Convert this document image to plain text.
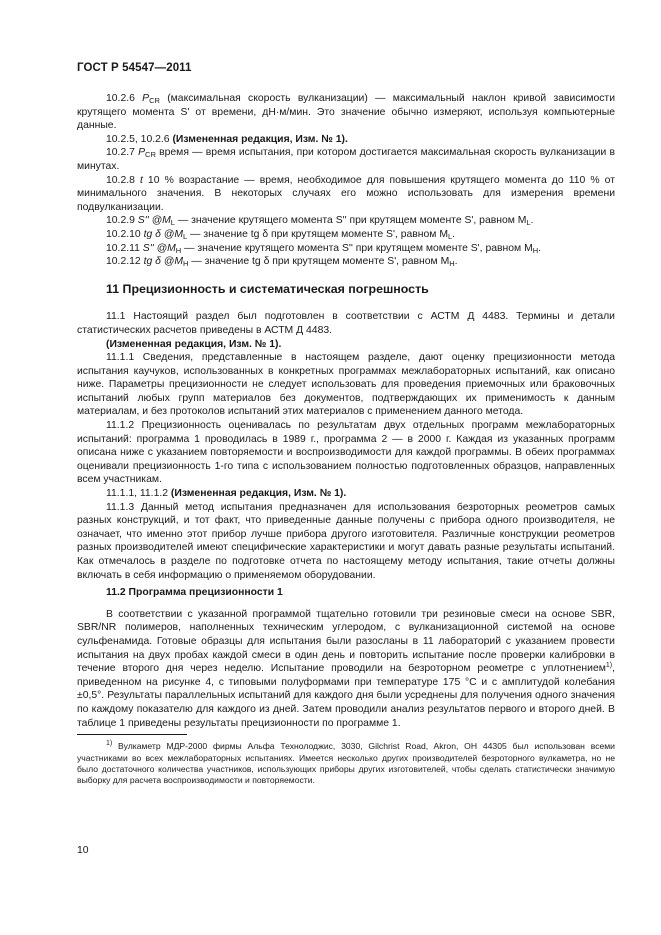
ГОСТ Р 54547—2011

10.2.6 $P_{CR}$ (максимальная скорость вулканизации) — максимальный наклон кривой зависимости крутящего момента S' от времени, дН·м/мин. Это значение обычно измеряют, используя компьютерные данные.

10.2.5, 10.2.6 (Измененная редакция, Изм. № 1).

10.2.7 $P_{CR}$ время — время испытания, при котором достигается максимальная скорость вулканизации в минутах.

10.2.8 t 10 % возрастание — время, необходимое для повышения крутящего момента до 110 % от минимального значения. В некоторых случаях его можно использовать для измерения времени подвулканизации.

10.2.9 S'' $@M_L$ — значение крутящего момента S'' при крутящем моменте S', равном $M_L$.

10.2.10 tg δ $@M_L$ — значение tg δ при крутящем моменте S', равном $M_L$.

10.2.11 S'' $@M_H$ — значение крутящего момента S'' при крутящем моменте S', равном $M_H$.

10.2.12 tg δ $@M_H$ — значение tg δ при крутящем моменте S', равном $M_H$.

11 Прецизионность и систематическая погрешность

11.1 Настоящий раздел был подготовлен в соответствии с АСТМ Д 4483. Термины и детали статистических расчетов приведены в АСТМ Д 4483.

(Измененная редакция, Изм. № 1).

11.1.1 Сведения, представленные в настоящем разделе, дают оценку прецизионности метода испытания каучуков, использованных в конкретных программах межлабораторных испытаний, как описано ниже. Параметры прецизионности не следует использовать для проведения приемочных или браковочных испытаний любых групп материалов без документов, подтверждающих их применимость к данным материалам, и без протоколов испытаний этих материалов с применением данного метода.

11.1.2 Прецизионность оценивалась по результатам двух отдельных программ межлабораторных испытаний: программа 1 проводилась в 1989 г., программа 2 — в 2000 г. Каждая из указанных программ описана ниже с указанием повторяемости и воспроизводимости для каждой программы. В обеих программах оценивали прецизионность 1-го типа с использованием полностью подготовленных образцов, направленных всем участникам.

11.1.1, 11.1.2 (Измененная редакция, Изм. № 1).

11.1.3 Данный метод испытания предназначен для использования безроторных реометров самых разных конструкций, и тот факт, что приведенные данные получены с прибора одного производителя, не означает, что именно этот прибор лучше прибора другого изготовителя. Различные конструкции реометров разных производителей имеют специфические характеристики и могут давать разные результаты испытаний. Как отмечалось в разделе по подготовке отчета по настоящему методу испытания, такие отчеты должны включать в себя информацию о применяемом оборудовании.

11.2 Программа прецизионности 1

В соответствии с указанной программой тщательно готовили три резиновые смеси на основе SBR, SBR/NR полимеров, наполненных техническим углеродом, с вулканизационной системой на основе сульфенамида. Готовые образцы для испытания были разосланы в 11 лабораторий с указанием провести испытания на двух пробах каждой смеси в один день и повторить испытание после проверки калибровки в течение второго дня через неделю. Испытание проводили на безроторном реометре с уплотнением$^{1)}$, приведенном на рисунке 4, с типовыми полуформами при температуре 175 °С и с амплитудой колебания ±0,5°. Результаты параллельных испытаний для каждого дня были усреднены для получения одного значения по каждому показателю для каждого из дней. Затем проводили анализ результатов первого и второго дней. В таблице 1 приведены результаты прецизионности по программе 1.

$^{1)}$ Вулкаметр МДР-2000 фирмы Альфа Технолоджис, 3030, Gilchrist Road, Akron, OH 44305 был использован всеми участниками во всех межлабораторных испытаниях. Имеется несколько других производителей безроторного вулкаметра, но не было достаточного количества участников, использующих приборы других изготовителей, чтобы сделать статистически значимую выборку для расчета воспроизводимости и повторяемости.

10
